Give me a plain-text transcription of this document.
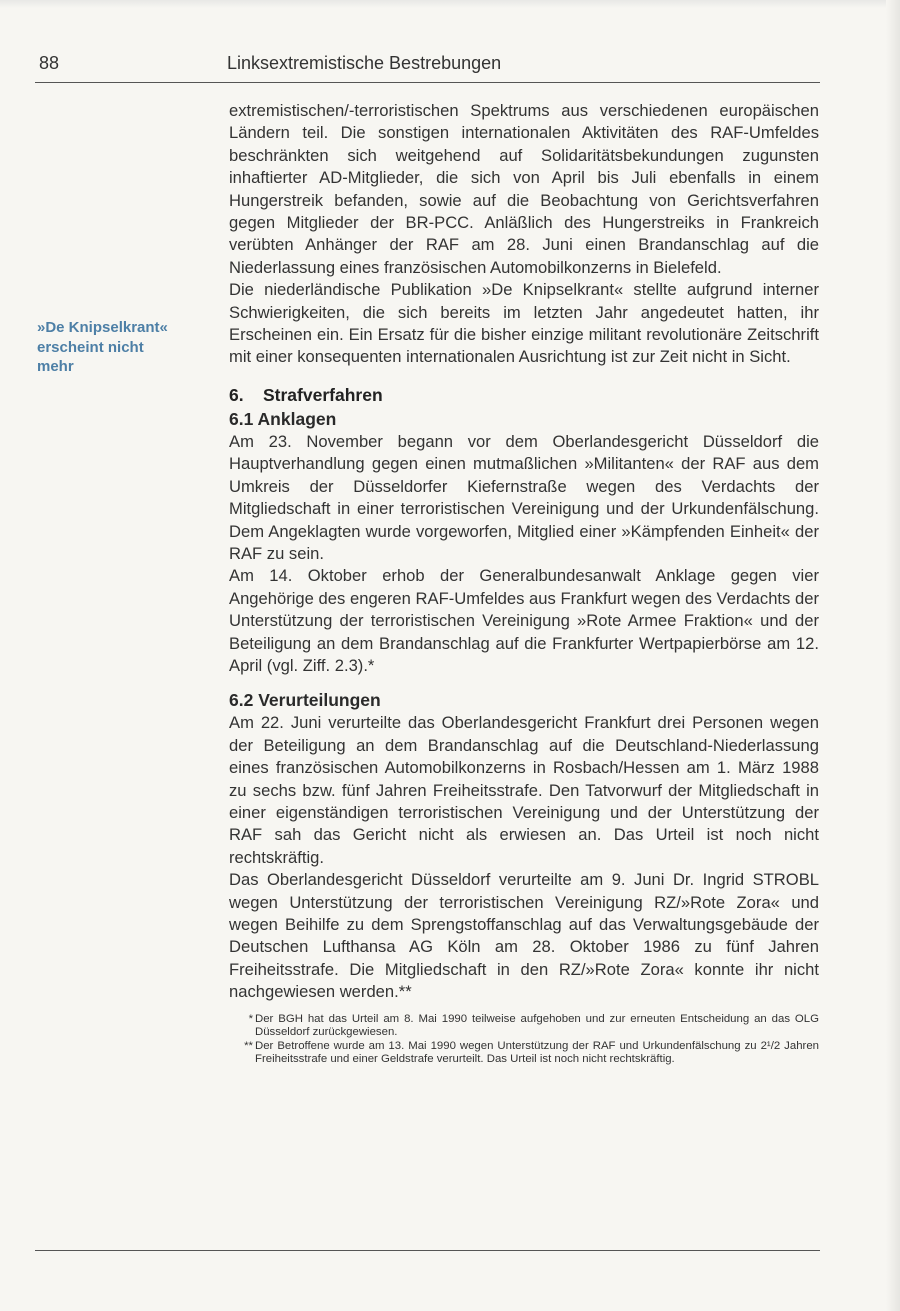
88	Linksextremistische Bestrebungen
»De Knipselkrant«
erscheint nicht
mehr

extremistischen/-terroristischen Spektrums aus verschiedenen europäischen Ländern teil. Die sonstigen internationalen Aktivitäten des RAF-Umfeldes beschränkten sich weitgehend auf Solidaritätsbekundungen zugunsten inhaftierter AD-Mitglieder, die sich von April bis Juli ebenfalls in einem Hungerstreik befanden, sowie auf die Beobachtung von Gerichtsverfahren gegen Mitglieder der BR-PCC. Anläßlich des Hungerstreiks in Frankreich verübten Anhänger der RAF am 28. Juni einen Brandanschlag auf die Niederlassung eines französischen Automobilkonzerns in Bielefeld.

Die niederländische Publikation »De Knipselkrant« stellte aufgrund interner Schwierigkeiten, die sich bereits im letzten Jahr angedeutet hatten, ihr Erscheinen ein. Ein Ersatz für die bisher einzige militant revolutionäre Zeitschrift mit einer konsequenten internationalen Ausrichtung ist zur Zeit nicht in Sicht.

6. Strafverfahren
6.1 Anklagen

Am 23. November begann vor dem Oberlandesgericht Düsseldorf die Hauptverhandlung gegen einen mutmaßlichen »Militanten« der RAF aus dem Umkreis der Düsseldorfer Kiefernstraße wegen des Verdachts der Mitgliedschaft in einer terroristischen Vereinigung und der Urkundenfälschung. Dem Angeklagten wurde vorgeworfen, Mitglied einer »Kämpfenden Einheit« der RAF zu sein.

Am 14. Oktober erhob der Generalbundesanwalt Anklage gegen vier Angehörige des engeren RAF-Umfeldes aus Frankfurt wegen des Verdachts der Unterstützung der terroristischen Vereinigung »Rote Armee Fraktion« und der Beteiligung an dem Brandanschlag auf die Frankfurter Wertpapierbörse am 12. April (vgl. Ziff. 2.3).*

6.2 Verurteilungen

Am 22. Juni verurteilte das Oberlandesgericht Frankfurt drei Personen wegen der Beteiligung an dem Brandanschlag auf die Deutschland-Niederlassung eines französischen Automobilkonzerns in Rosbach/Hessen am 1. März 1988 zu sechs bzw. fünf Jahren Freiheitsstrafe. Den Tatvorwurf der Mitgliedschaft in einer eigenständigen terroristischen Vereinigung und der Unterstützung der RAF sah das Gericht nicht als erwiesen an. Das Urteil ist noch nicht rechtskräftig.

Das Oberlandesgericht Düsseldorf verurteilte am 9. Juni Dr. Ingrid STROBL wegen Unterstützung der terroristischen Vereinigung RZ/»Rote Zora« und wegen Beihilfe zu dem Sprengstoffanschlag auf das Verwaltungsgebäude der Deutschen Lufthansa AG Köln am 28. Oktober 1986 zu fünf Jahren Freiheitsstrafe. Die Mitgliedschaft in den RZ/»Rote Zora« konnte ihr nicht nachgewiesen werden.**

* Der BGH hat das Urteil am 8. Mai 1990 teilweise aufgehoben und zur erneuten Entscheidung an das OLG Düsseldorf zurückgewiesen.
** Der Betroffene wurde am 13. Mai 1990 wegen Unterstützung der RAF und Urkundenfälschung zu 2¹/2 Jahren Freiheitsstrafe und einer Geldstrafe verurteilt. Das Urteil ist noch nicht rechtskräftig.
